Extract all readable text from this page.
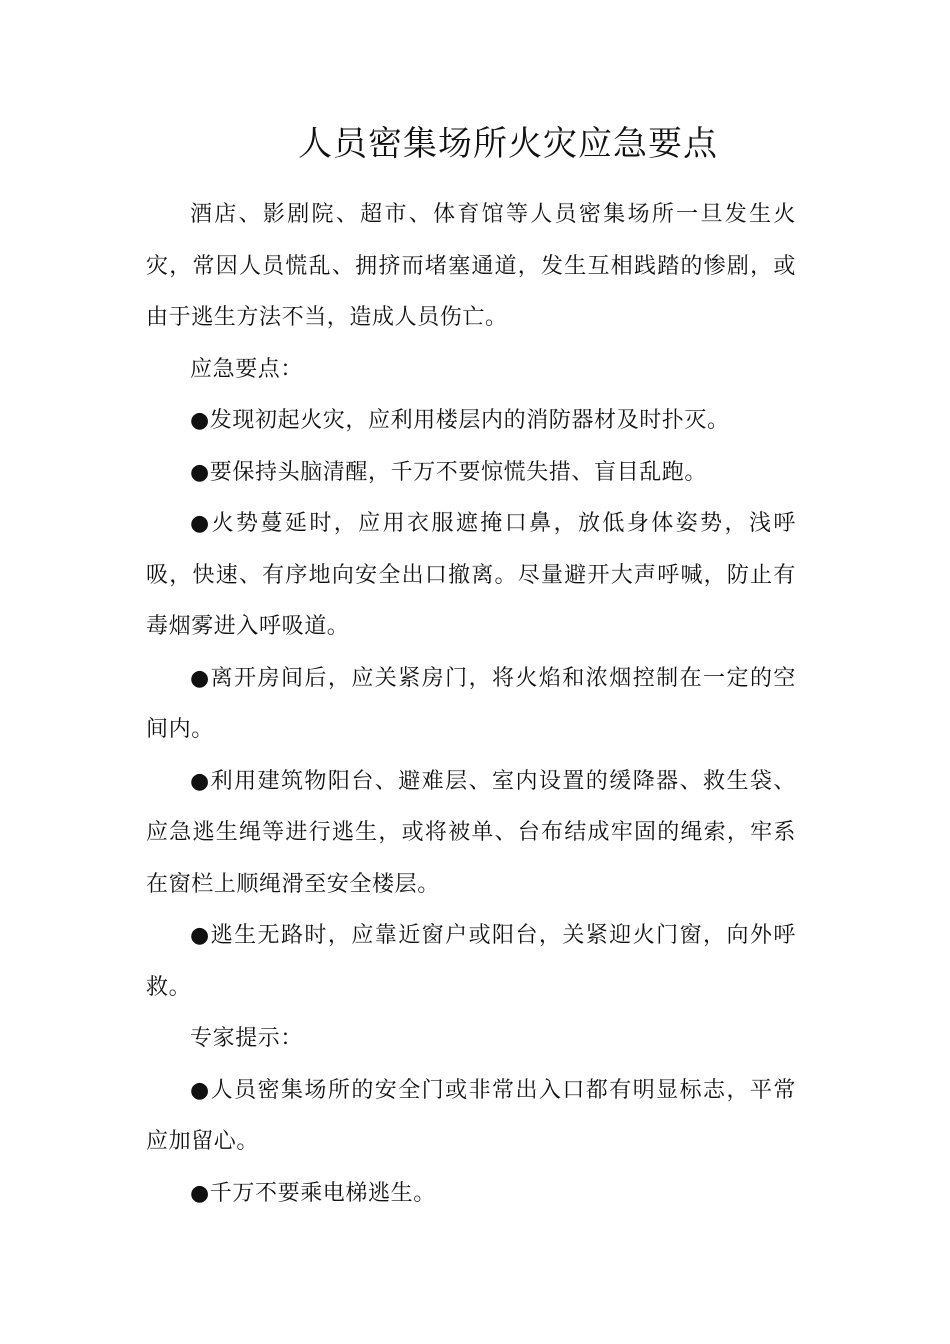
人员密集场所火灾应急要点

酒店、影剧院、超市、体育馆等人员密集场所一旦发生火灾，常因人员慌乱、拥挤而堵塞通道，发生互相践踏的惨剧，或由于逃生方法不当，造成人员伤亡。

应急要点：

●发现初起火灾，应利用楼层内的消防器材及时扑灭。

●要保持头脑清醒，千万不要惊慌失措、盲目乱跑。

●火势蔓延时，应用衣服遮掩口鼻，放低身体姿势，浅呼吸，快速、有序地向安全出口撤离。尽量避开大声呼喊，防止有毒烟雾进入呼吸道。

●离开房间后，应关紧房门，将火焰和浓烟控制在一定的空间内。

●利用建筑物阳台、避难层、室内设置的缓降器、救生袋、应急逃生绳等进行逃生，或将被单、台布结成牢固的绳索，牢系在窗栏上顺绳滑至安全楼层。

●逃生无路时，应靠近窗户或阳台，关紧迎火门窗，向外呼救。

专家提示：

●人员密集场所的安全门或非常出入口都有明显标志，平常应加留心。

●千万不要乘电梯逃生。
